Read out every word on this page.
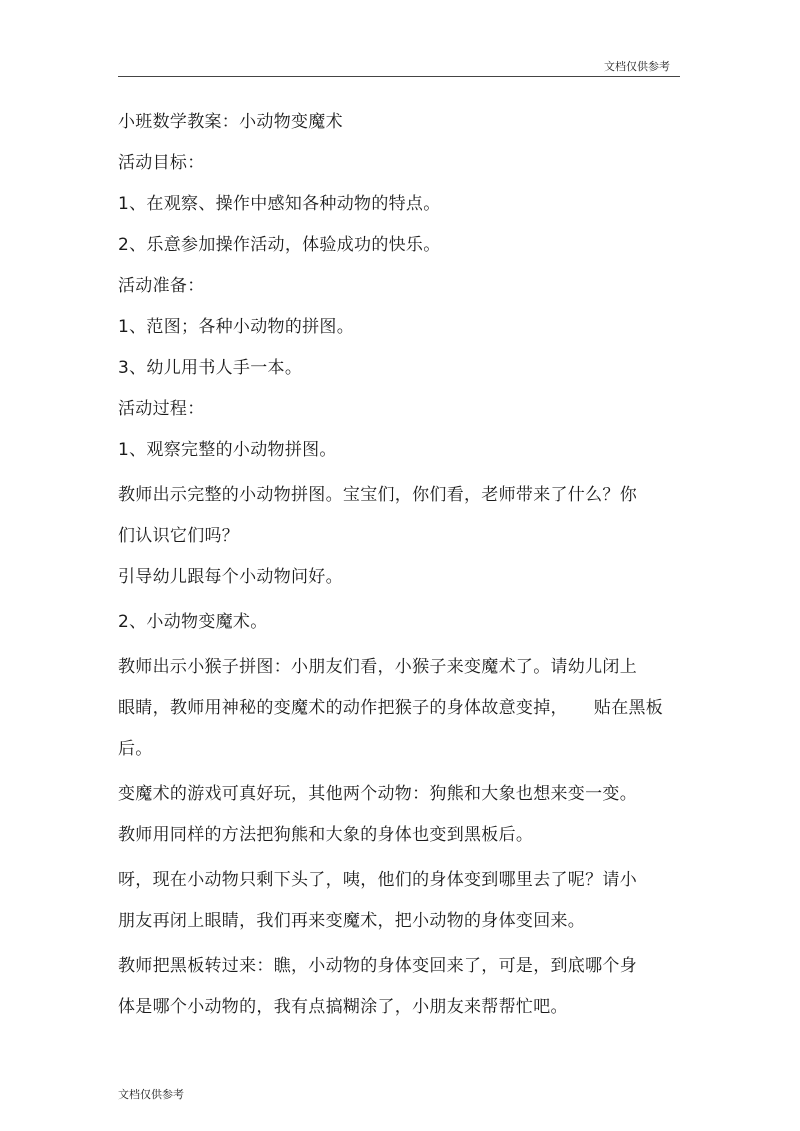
文档仅供参考
小班数学教案：小动物变魔术
活动目标：
1、在观察、操作中感知各种动物的特点。
2、乐意参加操作活动，体验成功的快乐。
活动准备：
1、范图；各种小动物的拼图。
3、幼儿用书人手一本。
活动过程：
1、观察完整的小动物拼图。
教师出示完整的小动物拼图。宝宝们，你们看，老师带来了什么？你
们认识它们吗？
引导幼儿跟每个小动物问好。
2、小动物变魔术。
教师出示小猴子拼图：小朋友们看，小猴子来变魔术了。请幼儿闭上
眼睛，教师用神秘的变魔术的动作把猴子的身体故意变掉，　　贴在黑板
后。
变魔术的游戏可真好玩，其他两个动物：狗熊和大象也想来变一变。
教师用同样的方法把狗熊和大象的身体也变到黑板后。
呀，现在小动物只剩下头了，咦，他们的身体变到哪里去了呢？请小
朋友再闭上眼睛，我们再来变魔术，把小动物的身体变回来。
教师把黑板转过来：瞧，小动物的身体变回来了，可是，到底哪个身
体是哪个小动物的，我有点搞糊涂了，小朋友来帮帮忙吧。
文档仅供参考
